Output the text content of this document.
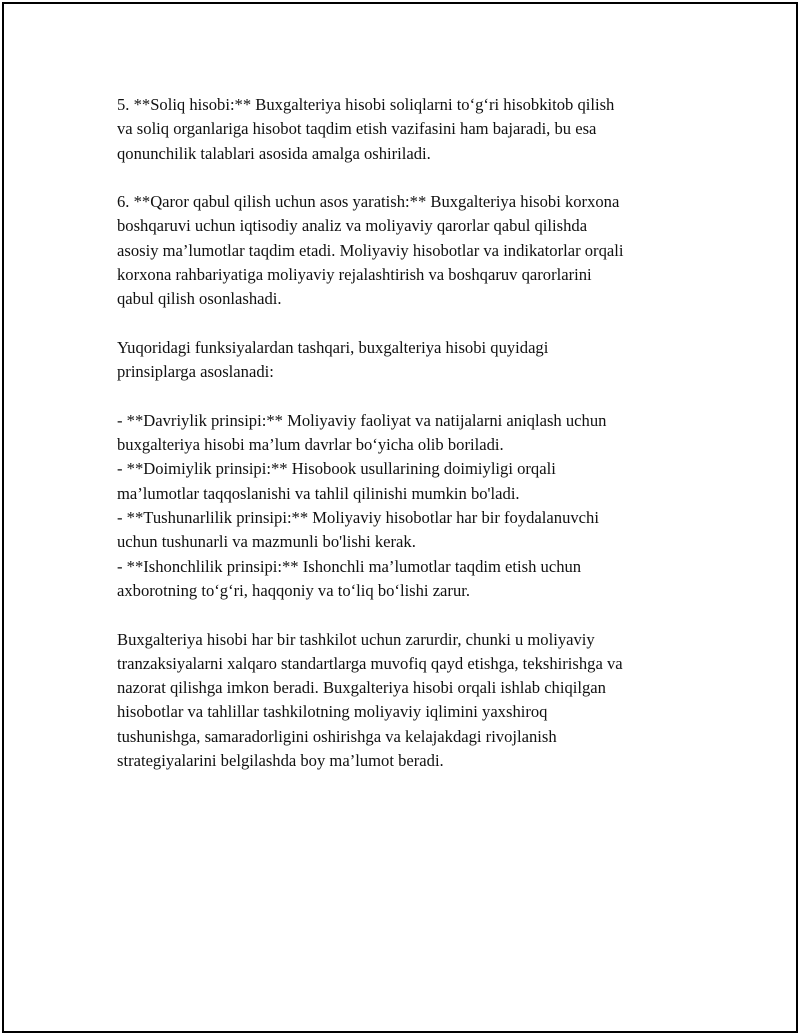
5. **Soliq hisobi:** Buxgalteriya hisobi soliqlarni to‘g‘ri hisobkitob qilish
va soliq organlariga hisobot taqdim etish vazifasini ham bajaradi, bu esa
qonunchilik talablari asosida amalga oshiriladi.

6. **Qaror qabul qilish uchun asos yaratish:** Buxgalteriya hisobi korxona
boshqaruvi uchun iqtisodiy analiz va moliyaviy qarorlar qabul qilishda
asosiy ma’lumotlar taqdim etadi. Moliyaviy hisobotlar va indikatorlar orqali
korxona rahbariyatiga moliyaviy rejalashtirish va boshqaruv qarorlarini
qabul qilish osonlashadi.

Yuqoridagi funksiyalardan tashqari, buxgalteriya hisobi quyidagi
prinsiplarga asoslanadi:

- **Davriylik prinsipi:** Moliyaviy faoliyat va natijalarni aniqlash uchun
buxgalteriya hisobi ma’lum davrlar bo‘yicha olib boriladi.
- **Doimiylik prinsipi:** Hisobook usullarining doimiyligi orqali
ma’lumotlar taqqoslanishi va tahlil qilinishi mumkin bo'ladi.
- **Tushunarlilik prinsipi:** Moliyaviy hisobotlar har bir foydalanuvchi
uchun tushunarli va mazmunli bo'lishi kerak.
- **Ishonchlilik prinsipi:** Ishonchli ma’lumotlar taqdim etish uchun
axborotning to‘g‘ri, haqqoniy va to‘liq bo‘lishi zarur.

Buxgalteriya hisobi har bir tashkilot uchun zarurdir, chunki u moliyaviy
tranzaksiyalarni xalqaro standartlarga muvofiq qayd etishga, tekshirishga va
nazorat qilishga imkon beradi. Buxgalteriya hisobi orqali ishlab chiqilgan
hisobotlar va tahlillar tashkilotning moliyaviy iqlimini yaxshiroq
tushunishga, samaradorligini oshirishga va kelajakdagi rivojlanish
strategiyalarini belgilashda boy ma’lumot beradi.
